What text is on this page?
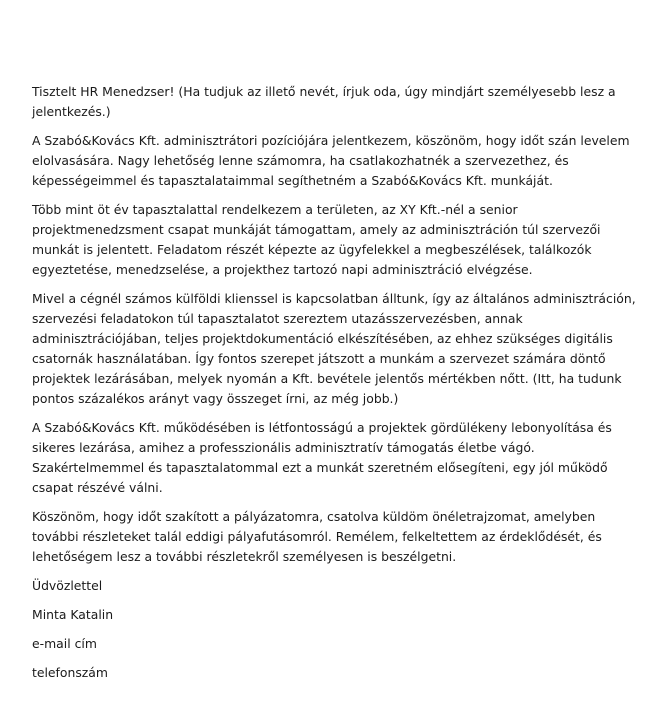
Tisztelt HR Menedzser! (Ha tudjuk az illető nevét, írjuk oda, úgy mindjárt személyesebb lesz a jelentkezés.)

A Szabó&Kovács Kft. adminisztrátori pozíciójára jelentkezem, köszönöm, hogy időt szán levelem elolvasására. Nagy lehetőség lenne számomra, ha csatlakozhatnék a szervezethez, és képességeimmel és tapasztalataimmal segíthetném a Szabó&Kovács Kft. munkáját.

Több mint öt év tapasztalattal rendelkezem a területen, az XY Kft.-nél a senior projektmenedzsment csapat munkáját támogattam, amely az adminisztráción túl szervezői munkát is jelentett. Feladatom részét képezte az ügyfelekkel a megbeszélések, találkozók egyeztetése, menedzselése, a projekthez tartozó napi adminisztráció elvégzése.

Mivel a cégnél számos külföldi klienssel is kapcsolatban álltunk, így az általános adminisztráción, szervezési feladatokon túl tapasztalatot szereztem utazásszervezésben, annak adminisztrációjában, teljes projektdokumentáció elkészítésében, az ehhez szükséges digitális csatornák használatában. Így fontos szerepet játszott a munkám a szervezet számára döntő projektek lezárásában, melyek nyomán a Kft. bevétele jelentős mértékben nőtt. (Itt, ha tudunk pontos százalékos arányt vagy összeget írni, az még jobb.)

A Szabó&Kovács Kft. működésében is létfontosságú a projektek gördülékeny lebonyolítása és sikeres lezárása, amihez a professzionális adminisztratív támogatás életbe vágó. Szakértelmemmel és tapasztalatommal ezt a munkát szeretném elősegíteni, egy jól működő csapat részévé válni.

Köszönöm, hogy időt szakított a pályázatomra, csatolva küldöm önéletrajzomat, amelyben további részleteket talál eddigi pályafutásomról. Remélem, felkeltettem az érdeklődését, és lehetőségem lesz a további részletekről személyesen is beszélgetni.

Üdvözlettel

Minta Katalin

e-mail cím

telefonszám
